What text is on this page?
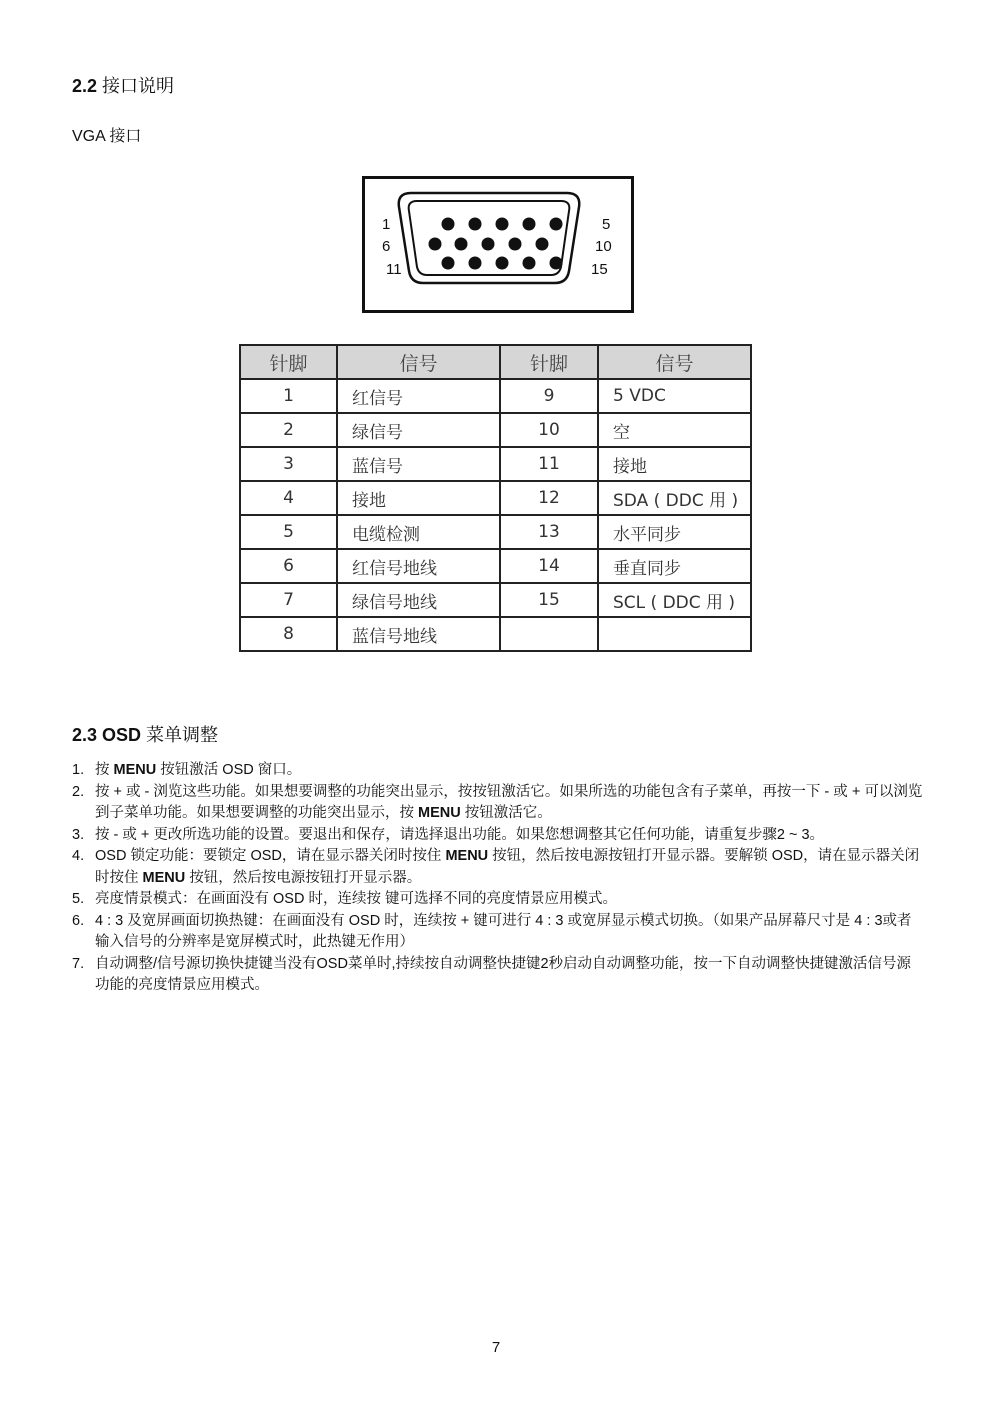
2.2 接口说明
VGA 接口
1
6
11
5
10
15
针脚	信号	针脚	信号
1	红信号	9	5 VDC
2	绿信号	10	空
3	蓝信号	11	接地
4	接地	12	SDA ( DDC 用 )
5	电缆检测	13	水平同步
6	红信号地线	14	垂直同步
7	绿信号地线	15	SCL ( DDC 用 )
8	蓝信号地线		
2.3 OSD 菜单调整
1. 按 MENU 按钮激活 OSD 窗口。
2. 按 + 或 - 浏览这些功能。如果想要调整的功能突出显示，按按钮激活它。如果所选的功能包含有子菜单，再按一下 - 或 + 可以浏览到子菜单功能。如果想要调整的功能突出显示，按 MENU 按钮激活它。
3. 按 - 或 + 更改所选功能的设置。要退出和保存，请选择退出功能。如果您想调整其它任何功能，请重复步骤2 ~ 3。
4. OSD 锁定功能：要锁定 OSD，请在显示器关闭时按住 MENU 按钮，然后按电源按钮打开显示器。要解锁 OSD，请在显示器关闭时按住 MENU 按钮，然后按电源按钮打开显示器。
5. 亮度情景模式：在画面没有 OSD 时，连续按 键可选择不同的亮度情景应用模式。
6. 4 : 3 及宽屏画面切换热键：在画面没有 OSD 时，连续按 + 键可进行 4 : 3 或宽屏显示模式切换。（如果产品屏幕尺寸是 4 : 3或者输入信号的分辨率是宽屏模式时，此热键无作用）
7. 自动调整/信号源切换快捷键当没有OSD菜单时,持续按自动调整快捷键2秒启动自动调整功能，按一下自动调整快捷键激活信号源功能的亮度情景应用模式。
7
